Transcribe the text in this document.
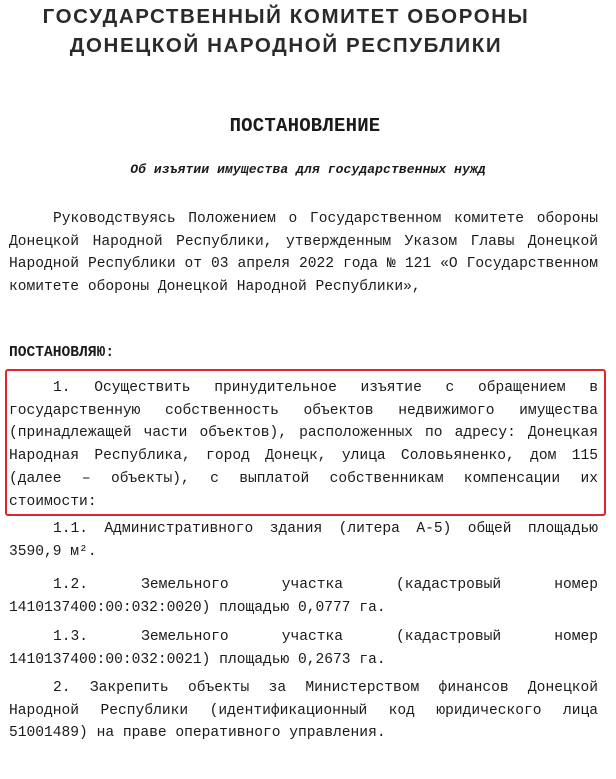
ГОСУДАРСТВЕННЫЙ КОМИТЕТ ОБОРОНЫ
ДОНЕЦКОЙ НАРОДНОЙ РЕСПУБЛИКИ
ПОСТАНОВЛЕНИЕ
Об изъятии имущества для государственных нужд

Руководствуясь Положением о Государственном комитете обороны Донецкой Народной Республики, утвержденным Указом Главы Донецкой Народной Республики от 03 апреля 2022 года № 121 «О Государственном комитете обороны Донецкой Народной Республики»,

ПОСТАНОВЛЯЮ:

1. Осуществить принудительное изъятие с обращением в государственную собственность объектов недвижимого имущества (принадлежащей части объектов), расположенных по адресу: Донецкая Народная Республика, город Донецк, улица Соловьяненко, дом 115 (далее – объекты), с выплатой собственникам компенсации их стоимости:

1.1. Административного здания (литера А-5) общей площадью 3590,9 м².

1.2.	Земельного участка (кадастровый номер 1410137400:00:032:0020) площадью 0,0777 га.

1.3.	Земельного участка (кадастровый номер 1410137400:00:032:0021) площадью 0,2673 га.

2. Закрепить объекты за Министерством финансов Донецкой Народной Республики (идентификационный код юридического лица 51001489) на праве оперативного управления.
